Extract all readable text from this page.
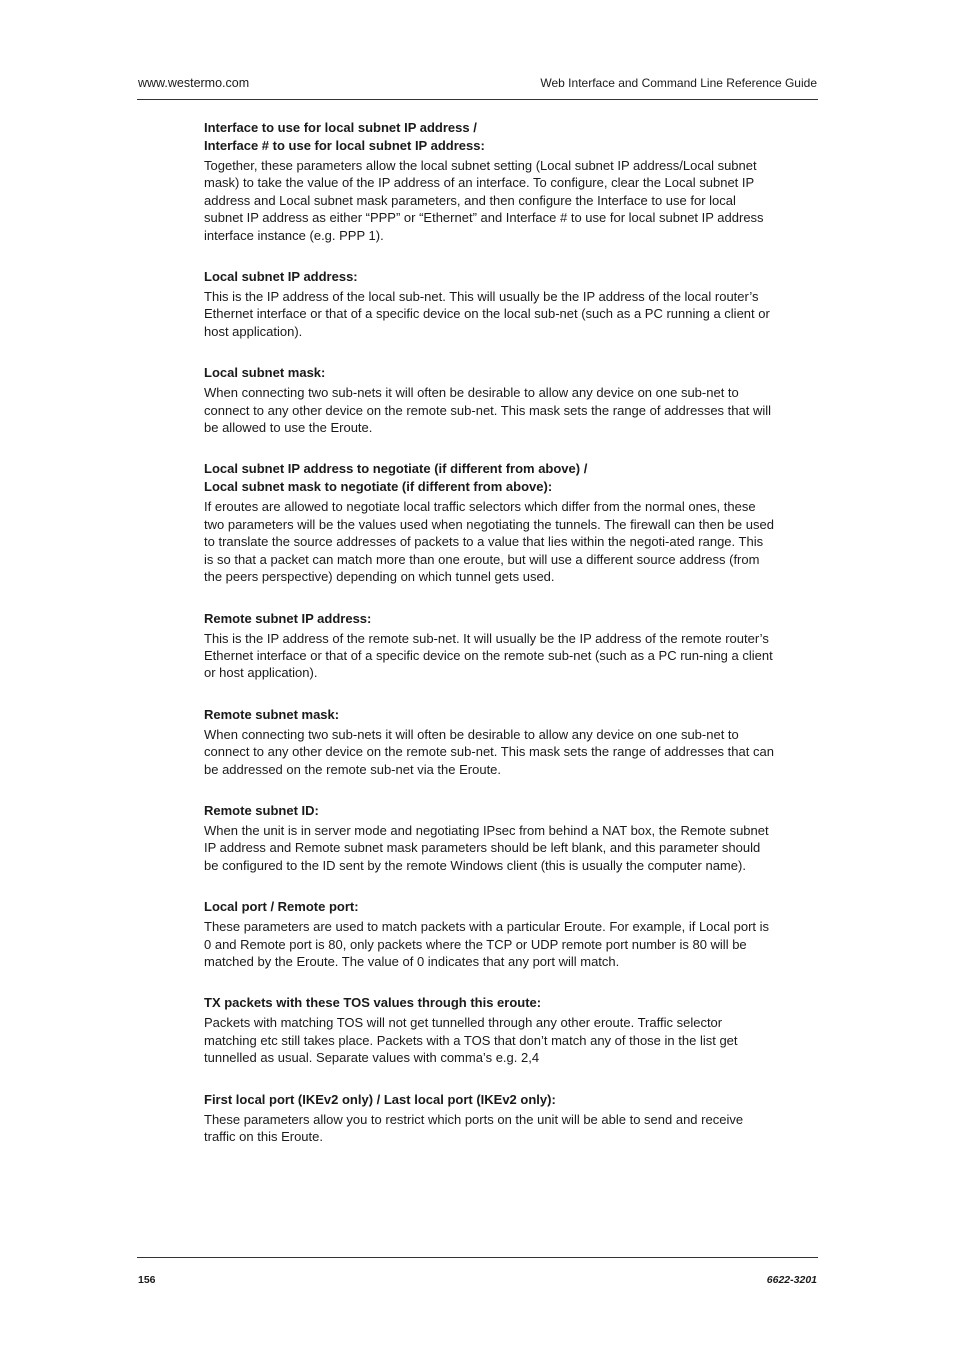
www.westermo.com	Web Interface and Command Line Reference Guide
Interface to use for local subnet IP address /
Interface # to use for local subnet IP address:

Together, these parameters allow the local subnet setting (Local subnet IP address/Local subnet mask) to take the value of the IP address of an interface. To configure, clear the Local subnet IP address and Local subnet mask parameters, and then configure the Interface to use for local subnet IP address as either “PPP” or “Ethernet” and Interface # to use for local subnet IP address interface instance (e.g. PPP 1).

Local subnet IP address:

This is the IP address of the local sub-net. This will usually be the IP address of the local router’s Ethernet interface or that of a specific device on the local sub-net (such as a PC running a client or host application).

Local subnet mask:

When connecting two sub-nets it will often be desirable to allow any device on one sub-net to connect to any other device on the remote sub-net. This mask sets the range of addresses that will be allowed to use the Eroute.

Local subnet IP address to negotiate (if different from above) /
Local subnet mask to negotiate (if different from above):

If eroutes are allowed to negotiate local traffic selectors which differ from the normal ones, these two parameters will be the values used when negotiating the tunnels. The firewall can then be used to translate the source addresses of packets to a value that lies within the negoti-ated range. This is so that a packet can match more than one eroute, but will use a different source address (from the peers perspective) depending on which tunnel gets used.

Remote subnet IP address:

This is the IP address of the remote sub-net. It will usually be the IP address of the remote router’s Ethernet interface or that of a specific device on the remote sub-net (such as a PC run-ning a client or host application).

Remote subnet mask:

When connecting two sub-nets it will often be desirable to allow any device on one sub-net to connect to any other device on the remote sub-net. This mask sets the range of addresses that can be addressed on the remote sub-net via the Eroute.

Remote subnet ID:

When the unit is in server mode and negotiating IPsec from behind a NAT box, the Remote subnet IP address and Remote subnet mask parameters should be left blank, and this parameter should be configured to the ID sent by the remote Windows client (this is usually the computer name).

Local port / Remote port:

These parameters are used to match packets with a particular Eroute. For example, if Local port is 0 and Remote port is 80, only packets where the TCP or UDP remote port number is 80 will be matched by the Eroute. The value of 0 indicates that any port will match.

TX packets with these TOS values through this eroute:

Packets with matching TOS will not get tunnelled through any other eroute. Traffic selector matching etc still takes place. Packets with a TOS that don’t match any of those in the list get tunnelled as usual. Separate values with comma’s e.g. 2,4

First local port (IKEv2 only) / Last local port (IKEv2 only):

These parameters allow you to restrict which ports on the unit will be able to send and receive traffic on this Eroute.

156	6622-3201
